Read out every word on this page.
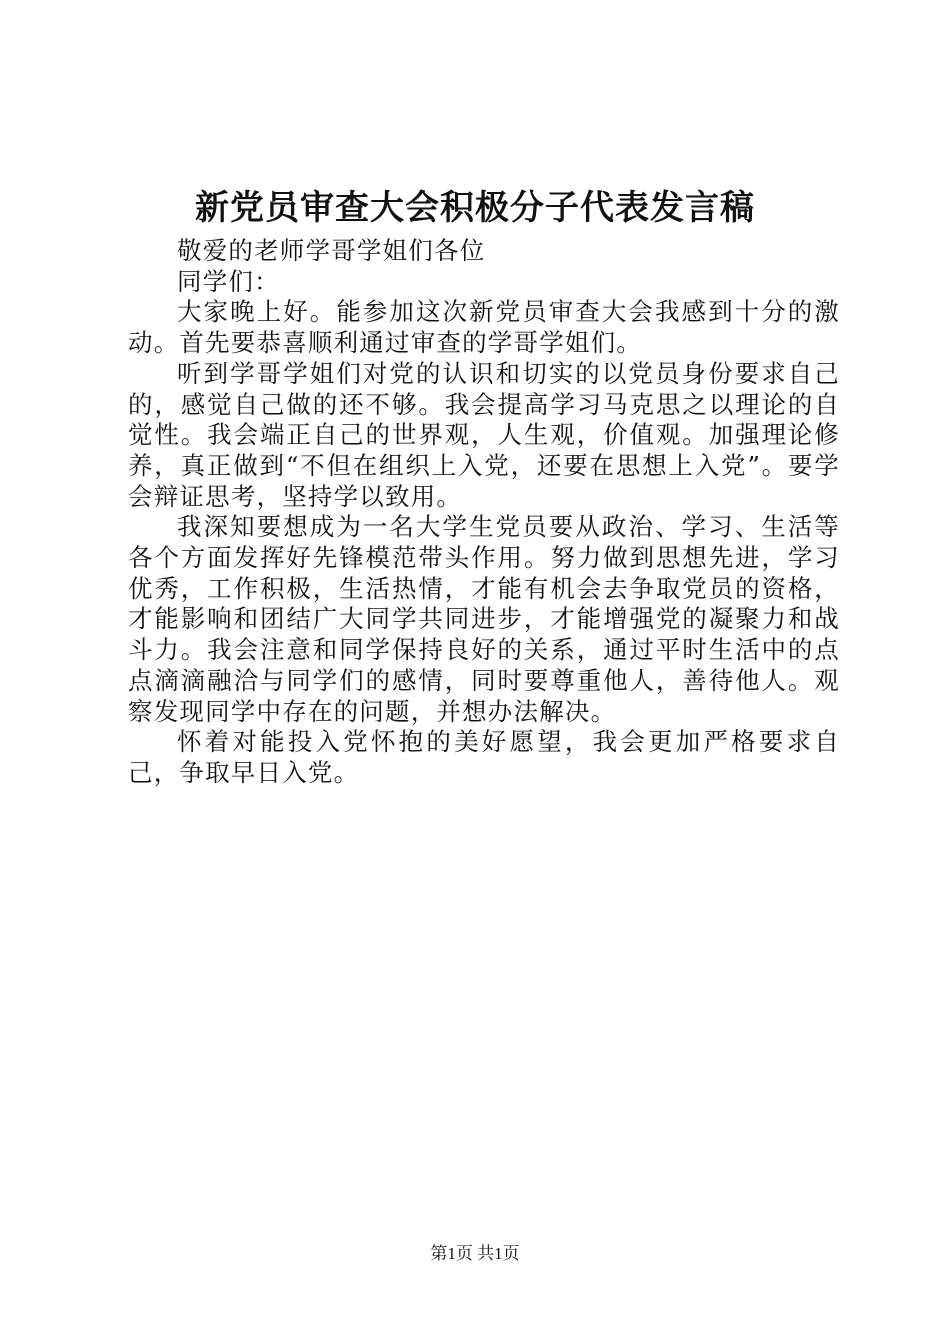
新党员审查大会积极分子代表发言稿

敬爱的老师学哥学姐们各位

同学们：

大家晚上好。能参加这次新党员审查大会我感到十分的激动。首先要恭喜顺利通过审查的学哥学姐们。

听到学哥学姐们对党的认识和切实的以党员身份要求自己的，感觉自己做的还不够。我会提高学习马克思之以理论的自觉性。我会端正自己的世界观，人生观，价值观。加强理论修养，真正做到“不但在组织上入党，还要在思想上入党”。要学会辩证思考，坚持学以致用。

我深知要想成为一名大学生党员要从政治、学习、生活等各个方面发挥好先锋模范带头作用。努力做到思想先进，学习优秀，工作积极，生活热情，才能有机会去争取党员的资格，才能影响和团结广大同学共同进步，才能增强党的凝聚力和战斗力。我会注意和同学保持良好的关系，通过平时生活中的点点滴滴融洽与同学们的感情，同时要尊重他人，善待他人。观察发现同学中存在的问题，并想办法解决。

怀着对能投入党怀抱的美好愿望，我会更加严格要求自己，争取早日入党。

第1页 共1页
